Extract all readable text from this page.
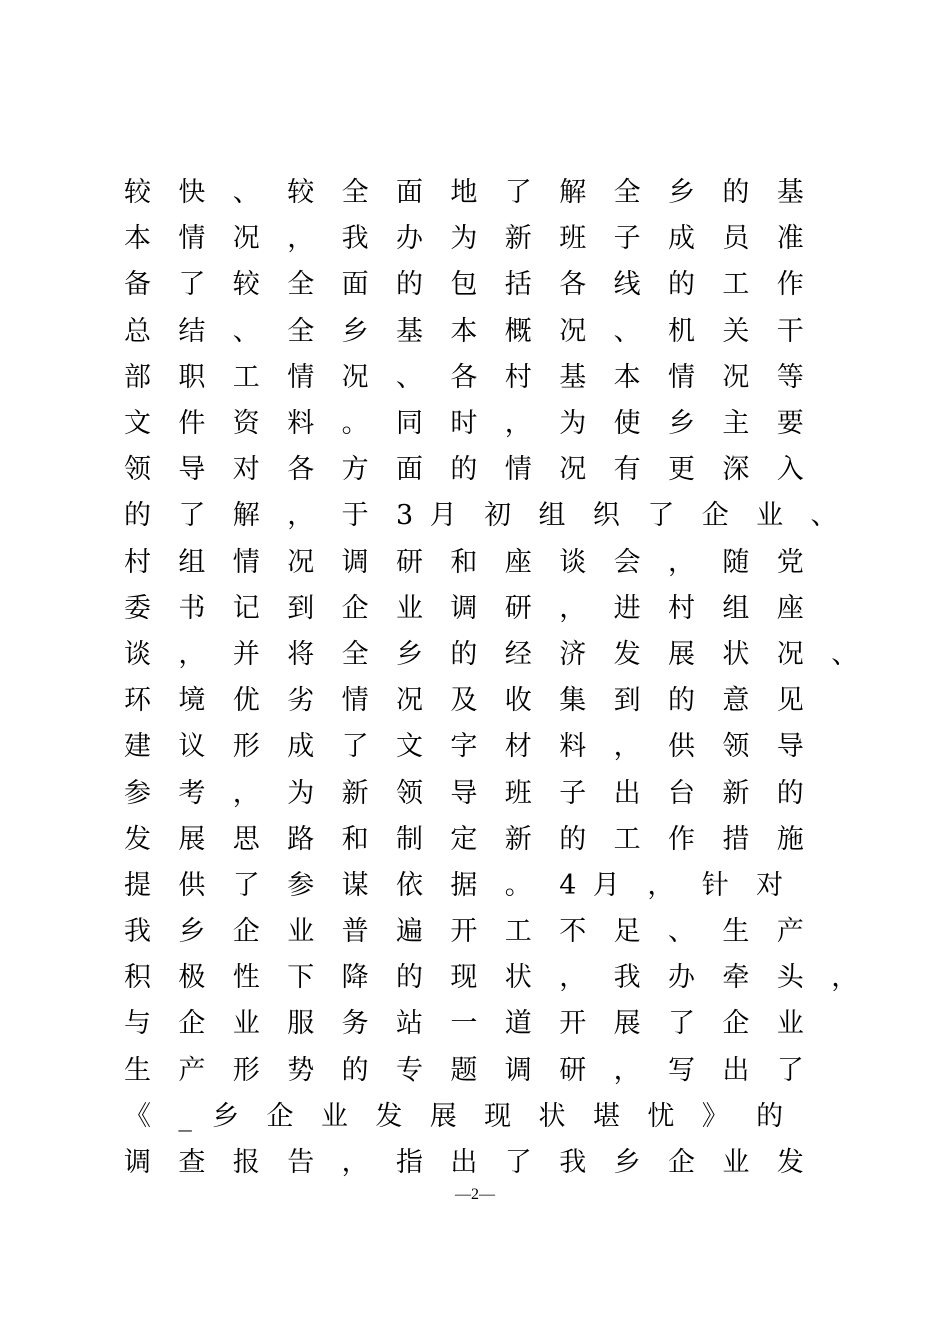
较 快 、 较 全 面 地 了 解 全 乡 的 基
本 情 况 ， 我 办 为 新 班 子 成 员 准
备 了 较 全 面 的 包 括 各 线 的 工 作
总 结 、 全 乡 基 本 概 况 、 机 关 干
部 职 工 情 况 、 各 村 基 本 情 况 等
文 件 资 料 。 同 时 ， 为 使 乡 主 要
领 导 对 各 方 面 的 情 况 有 更 深 入
的 了 解 ， 于 3 月 初 组 织 了 企 业 、
村 组 情 况 调 研 和 座 谈 会 ， 随 党
委 书 记 到 企 业 调 研 ， 进 村 组 座
谈 ， 并 将 全 乡 的 经 济 发 展 状 况 、
环 境 优 劣 情 况 及 收 集 到 的 意 见
建 议 形 成 了 文 字 材 料 ， 供 领 导
参 考 ， 为 新 领 导 班 子 出 台 新 的
发 展 思 路 和 制 定 新 的 工 作 措 施
提 供 了 参 谋 依 据 。 4 月 ， 针 对
我 乡 企 业 普 遍 开 工 不 足 、 生 产
积 极 性 下 降 的 现 状 ， 我 办 牵 头 ，
与 企 业 服 务 站 一 道 开 展 了 企 业
生 产 形 势 的 专 题 调 研 ， 写 出 了
《 _ 乡 企 业 发 展 现 状 堪 忧 》 的
调 查 报 告 ， 指 出 了 我 乡 企 业 发
—2—
